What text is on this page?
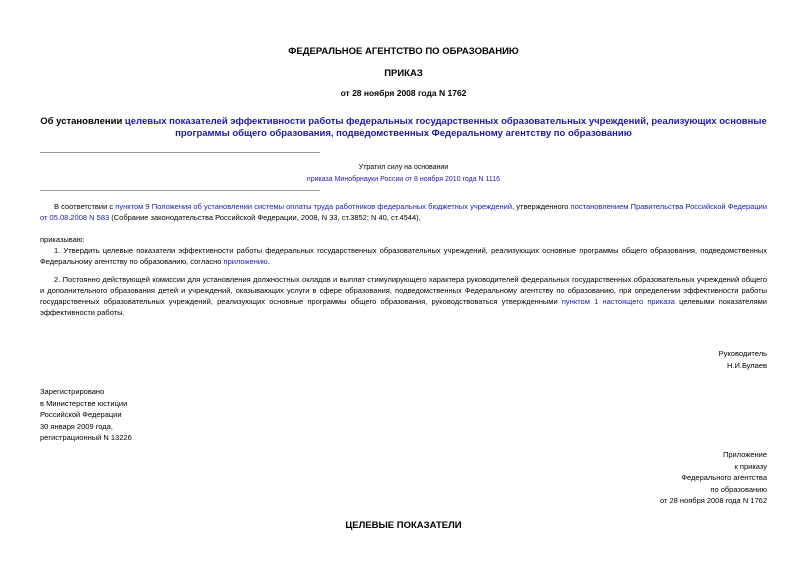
ФЕДЕРАЛЬНОЕ АГЕНТСТВО ПО ОБРАЗОВАНИЮ
ПРИКАЗ
от 28 ноября 2008 года N 1762
Об установлении целевых показателей эффективности работы федеральных государственных образовательных учреждений, реализующих основные программы общего образования, подведомственных Федеральному агентству по образованию
Утратил силу на основании
приказа Минобрнауки России от 8 ноября 2010 года N 1116
В соответствии с пунктом 9 Положения об установлении системы оплаты труда работников федеральных бюджетных учреждений, утвержденного постановлением Правительства Российской Федерации от 05.08.2008 N 583 (Собрание законодательства Российской Федерации, 2008, N 33, ст.3852; N 40, ст.4544),
приказываю:
1. Утвердить целевые показатели эффективности работы федеральных государственных образовательных учреждений, реализующих основные программы общего образования, подведомственных Федеральному агентству по образованию, согласно приложению.
2. Постоянно действующей комиссии для установления должностных окладов и выплат стимулирующего характера руководителей федеральных государственных образовательных учреждений общего и дополнительного образования детей и учреждений, оказывающих услуги в сфере образования, подведомственных Федеральному агентству по образованию, при определении эффективности работы государственных образовательных учреждений, реализующих основные программы общего образования, руководствоваться утвержденными пунктом 1 настоящего приказа целевыми показателями эффективности работы.
Руководитель
Н.И.Булаев
Зарегистрировано
в Министерстве юстиции
Российской Федерации
30 января 2009 года,
регистрационный N 13226
Приложение
к приказу
Федерального агентства
по образованию
от 28 ноября 2008 года N 1762
ЦЕЛЕВЫЕ ПОКАЗАТЕЛИ
